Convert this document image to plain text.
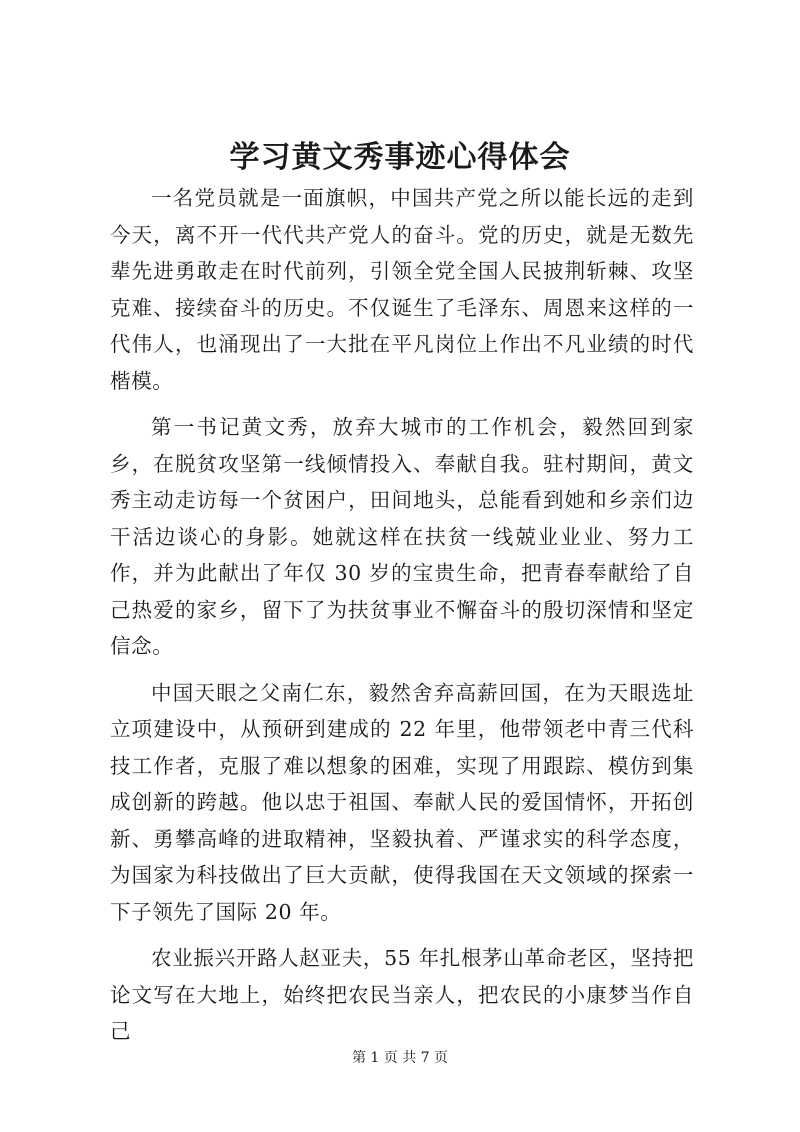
学习黄文秀事迹心得体会

一名党员就是一面旗帜，中国共产党之所以能长远的走到今天，离不开一代代共产党人的奋斗。党的历史，就是无数先辈先进勇敢走在时代前列，引领全党全国人民披荆斩棘、攻坚克难、接续奋斗的历史。不仅诞生了毛泽东、周恩来这样的一代伟人，也涌现出了一大批在平凡岗位上作出不凡业绩的时代楷模。

第一书记黄文秀，放弃大城市的工作机会，毅然回到家乡，在脱贫攻坚第一线倾情投入、奉献自我。驻村期间，黄文秀主动走访每一个贫困户，田间地头，总能看到她和乡亲们边干活边谈心的身影。她就这样在扶贫一线兢业业业、努力工作，并为此献出了年仅 30 岁的宝贵生命，把青春奉献给了自己热爱的家乡，留下了为扶贫事业不懈奋斗的殷切深情和坚定信念。

中国天眼之父南仁东，毅然舍弃高薪回国，在为天眼选址立项建设中，从预研到建成的 22 年里，他带领老中青三代科技工作者，克服了难以想象的困难，实现了用跟踪、模仿到集成创新的跨越。他以忠于祖国、奉献人民的爱国情怀，开拓创新、勇攀高峰的进取精神，坚毅执着、严谨求实的科学态度，为国家为科技做出了巨大贡献，使得我国在天文领域的探索一下子领先了国际 20 年。

农业振兴开路人赵亚夫，55 年扎根茅山革命老区，坚持把论文写在大地上，始终把农民当亲人，把农民的小康梦当作自己

第 1 页 共 7 页
